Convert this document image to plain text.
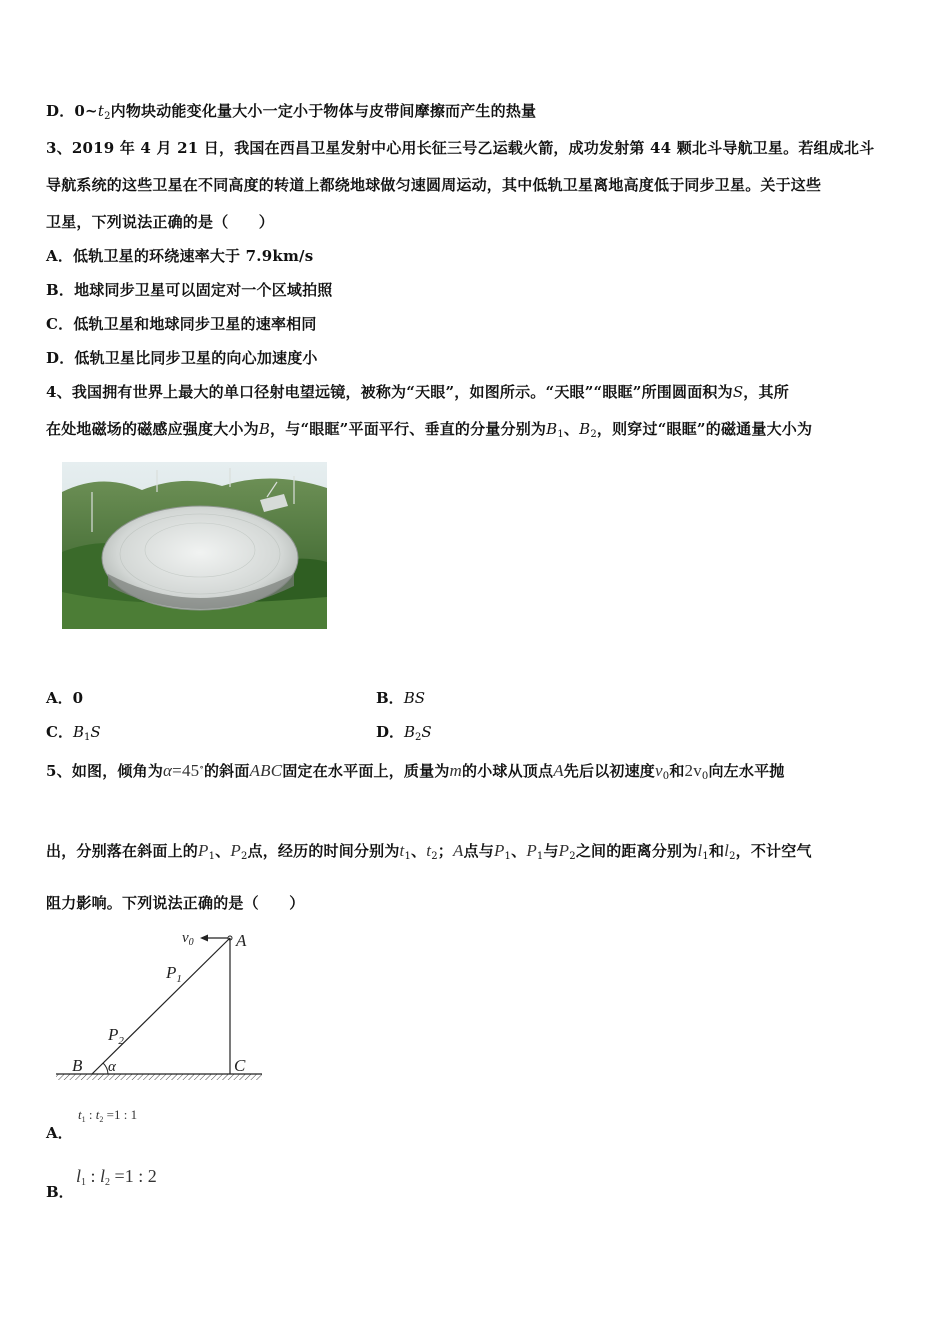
D．$0\sim t_2$内物块动能变化量大小一定小于物体与皮带间摩擦而产生的热量
3、2019 年 4 月 21 日，我国在西昌卫星发射中心用长征三号乙运载火箭，成功发射第 44 颗北斗导航卫星。若组成北斗
导航系统的这些卫星在不同高度的转道上都绕地球做匀速圆周运动，其中低轨卫星离地高度低于同步卫星。关于这些
卫星，下列说法正确的是（　　）
A．低轨卫星的环绕速率大于 7.9km/s
B．地球同步卫星可以固定对一个区域拍照
C．低轨卫星和地球同步卫星的速率相同
D．低轨卫星比同步卫星的向心加速度小
4、我国拥有世界上最大的单口径射电望远镜，被称为“天眼”，如图所示。“天眼”“眼眶”所围圆面积为S，其所
在处地磁场的磁感应强度大小为B，与“眼眶”平面平行、垂直的分量分别为$B_1$、$B_2$，则穿过“眼眶”的磁通量大小为
A．0	B．BS
C．$B_1S$	D．$B_2S$
5、如图，倾角为α=45∘的斜面ABC固定在水平面上，质量为m的小球从顶点A先后以初速度$v_0$和$2v_0$向左水平抛
出，分别落在斜面上的$P_1$、$P_2$点，经历的时间分别为$t_1$、$t_2$；A点与$P_1$、$P_1$与$P_2$之间的距离分别为$l_1$和$l_2$，不计空气
阻力影响。下列说法正确的是（　　）
$v_0$ A
$P_1$
$P_2$
B α	C
A．
$t_1$ : $t_2 =1$ : 1
B．
$l_1$ : $l_2 =1$ : 2
